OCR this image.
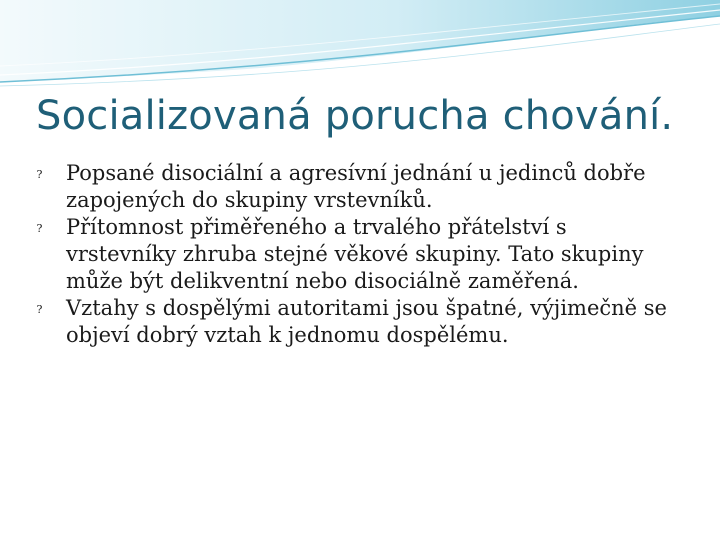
Socializovaná porucha chování.
? Popsané disociální a agresívní jednání u jedinců dobře zapojených do skupiny vrstevníků.
? Přítomnost přiměřeného a trvalého přátelství s vrstevníky zhruba stejné věkové skupiny. Tato skupiny může být delikventní nebo disociálně zaměřená.
? Vztahy s dospělými autoritami jsou špatné, výjimečně se objeví dobrý vztah k jednomu dospělému.
